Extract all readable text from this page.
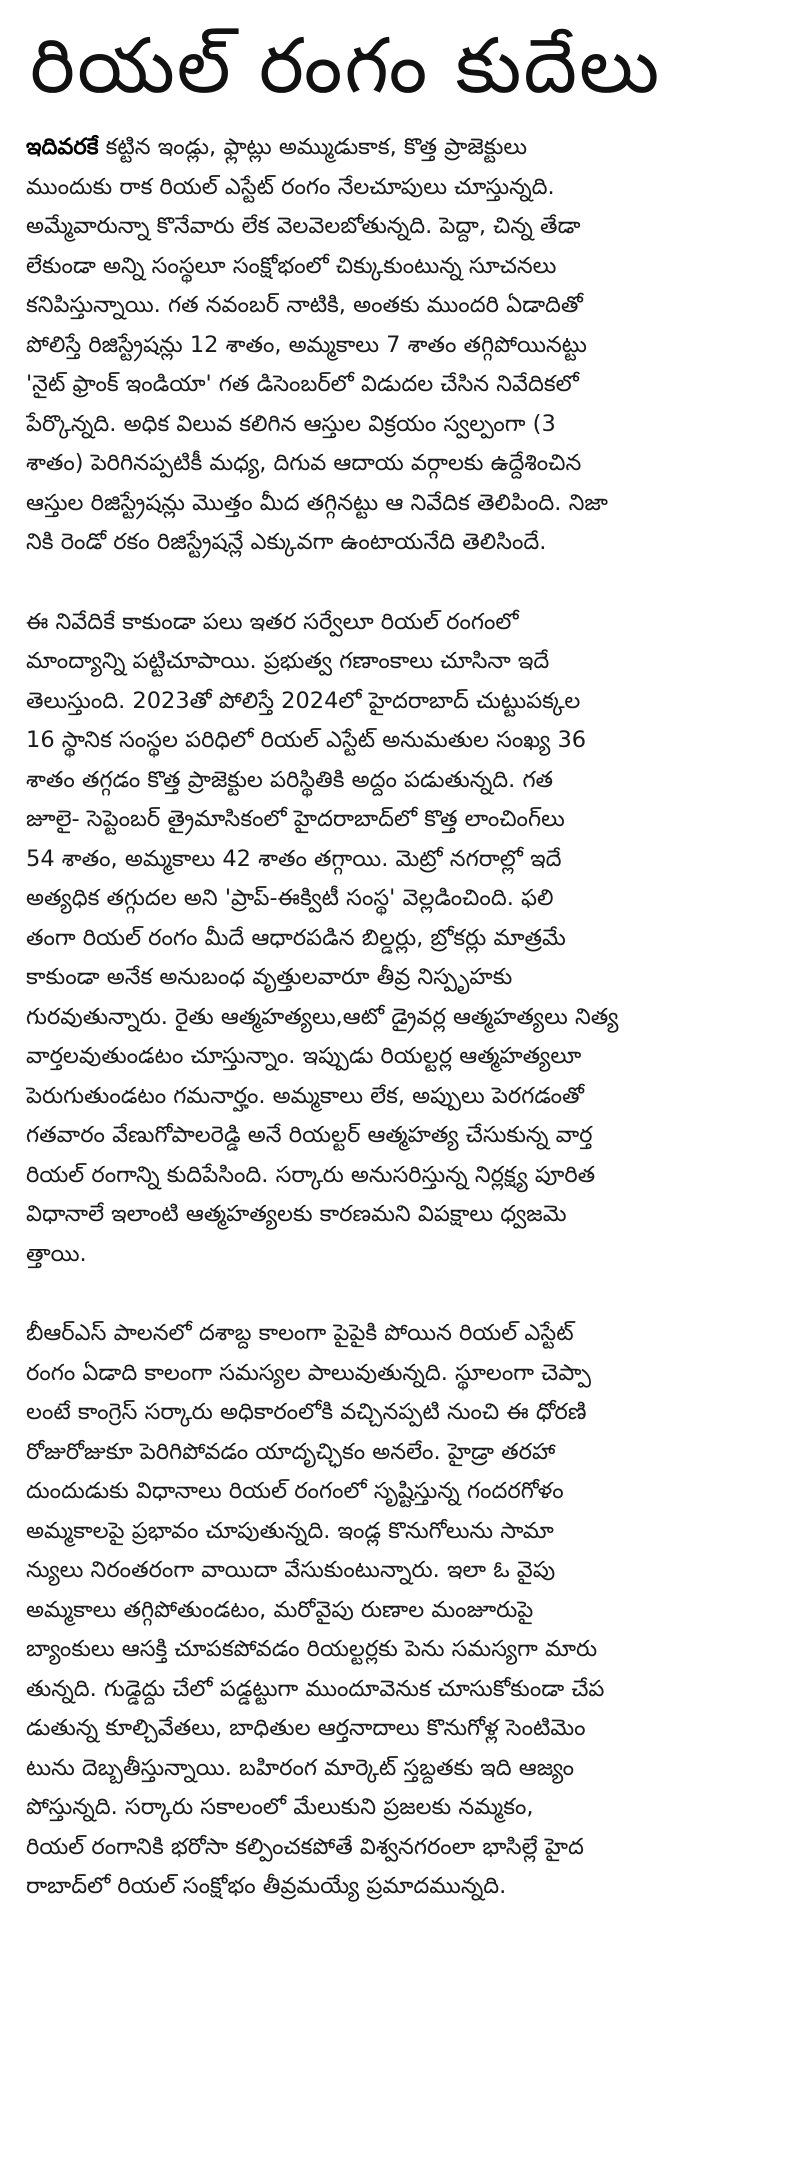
రియల్ రంగం కుదేలు
ఇదివరకే కట్టిన ఇండ్లు, ఫ్లాట్లు అమ్ముడుకాక, కొత్త ప్రాజెక్టులు
ముందుకు రాక రియల్ ఎస్టేట్ రంగం నేలచూపులు చూస్తున్నది.
అమ్మేవారున్నా కొనేవారు లేక వెలవెలబోతున్నది. పెద్దా, చిన్న తేడా
లేకుండా అన్ని సంస్థలూ సంక్షోభంలో చిక్కుకుంటున్న సూచనలు
కనిపిస్తున్నాయి. గత నవంబర్ నాటికి, అంతకు ముందరి ఏడాదితో
పోలిస్తే రిజిస్ట్రేషన్లు 12 శాతం, అమ్మకాలు 7 శాతం తగ్గిపోయినట్టు
'నైట్ ఫ్రాంక్ ఇండియా' గత డిసెంబర్‌లో విడుదల చేసిన నివేదికలో
పేర్కొన్నది. అధిక విలువ కలిగిన ఆస్తుల విక్రయం స్వల్పంగా (3
శాతం) పెరిగినప్పటికీ మధ్య, దిగువ ఆదాయ వర్గాలకు ఉద్దేశించిన
ఆస్తుల రిజిస్ట్రేషన్లు మొత్తం మీద తగ్గినట్టు ఆ నివేదిక తెలిపింది. నిజా
నికి రెండో రకం రిజిస్ట్రేషన్లే ఎక్కువగా ఉంటాయనేది తెలిసిందే.
ఈ నివేదికే కాకుండా పలు ఇతర సర్వేలూ రియల్ రంగంలో
మాంద్యాన్ని పట్టిచూపాయి. ప్రభుత్వ గణాంకాలు చూసినా ఇదే
తెలుస్తుంది. 2023తో పోలిస్తే 2024లో హైదరాబాద్ చుట్టుపక్కల
16 స్థానిక సంస్థల పరిధిలో రియల్ ఎస్టేట్ అనుమతుల సంఖ్య 36
శాతం తగ్గడం కొత్త ప్రాజెక్టుల పరిస్థితికి అద్దం పడుతున్నది. గత
జూలై- సెప్టెంబర్ త్రైమాసికంలో హైదరాబాద్‌లో కొత్త లాంచింగ్‌లు
54 శాతం, అమ్మకాలు 42 శాతం తగ్గాయి. మెట్రో నగరాల్లో ఇదే
అత్యధిక తగ్గుదల అని 'ప్రాప్-ఈక్విటీ సంస్థ' వెల్లడించింది. ఫలి
తంగా రియల్ రంగం మీదే ఆధారపడిన బిల్డర్లు, బ్రోకర్లు మాత్రమే
కాకుండా అనేక అనుబంధ వృత్తులవారూ తీవ్ర నిస్పృహకు
గురవుతున్నారు. రైతు ఆత్మహత్యలు,ఆటో డ్రైవర్ల ఆత్మహత్యలు నిత్య
వార్తలవుతుండటం చూస్తున్నాం. ఇప్పుడు రియల్టర్ల ఆత్మహత్యలూ
పెరుగుతుండటం గమనార్హం. అమ్మకాలు లేక, అప్పులు పెరగడంతో
గతవారం వేణుగోపాలరెడ్డి అనే రియల్టర్ ఆత్మహత్య చేసుకున్న వార్త
రియల్ రంగాన్ని కుదిపేసింది. సర్కారు అనుసరిస్తున్న నిర్లక్ష్య పూరిత
విధానాలే ఇలాంటి ఆత్మహత్యలకు కారణమని విపక్షాలు ధ్వజమె
త్తాయి.
బీఆర్ఎస్ పాలనలో దశాబ్ద కాలంగా పైపైకి పోయిన రియల్ ఎస్టేట్
రంగం ఏడాది కాలంగా సమస్యల పాలువుతున్నది. స్థూలంగా చెప్పా
లంటే కాంగ్రెస్ సర్కారు అధికారంలోకి వచ్చినప్పటి నుంచి ఈ ధోరణి
రోజురోజుకూ పెరిగిపోవడం యాదృచ్ఛికం అనలేం. హైడ్రా తరహా
దుందుడుకు విధానాలు రియల్ రంగంలో సృష్టిస్తున్న గందరగోళం
అమ్మకాలపై ప్రభావం చూపుతున్నది. ఇండ్ల కొనుగోలును సామా
న్యులు నిరంతరంగా వాయిదా వేసుకుంటున్నారు. ఇలా ఓ వైపు
అమ్మకాలు తగ్గిపోతుండటం, మరోవైపు రుణాల మంజూరుపై
బ్యాంకులు ఆసక్తి చూపకపోవడం రియల్టర్లకు పెను సమస్యగా మారు
తున్నది. గుడ్డెద్దు చేలో పడ్డట్టుగా ముందూవెనుక చూసుకోకుండా చేప
డుతున్న కూల్చివేతలు, బాధితుల ఆర్తనాదాలు కొనుగోళ్ల సెంటిమెం
టును దెబ్బతీస్తున్నాయి. బహిరంగ మార్కెట్ స్తబ్దతకు ఇది ఆజ్యం
పోస్తున్నది. సర్కారు సకాలంలో మేలుకుని ప్రజలకు నమ్మకం,
రియల్ రంగానికి భరోసా కల్పించకపోతే విశ్వనగరంలా భాసిల్లే హైద
రాబాద్‌లో రియల్ సంక్షోభం తీవ్రమయ్యే ప్రమాదమున్నది.
